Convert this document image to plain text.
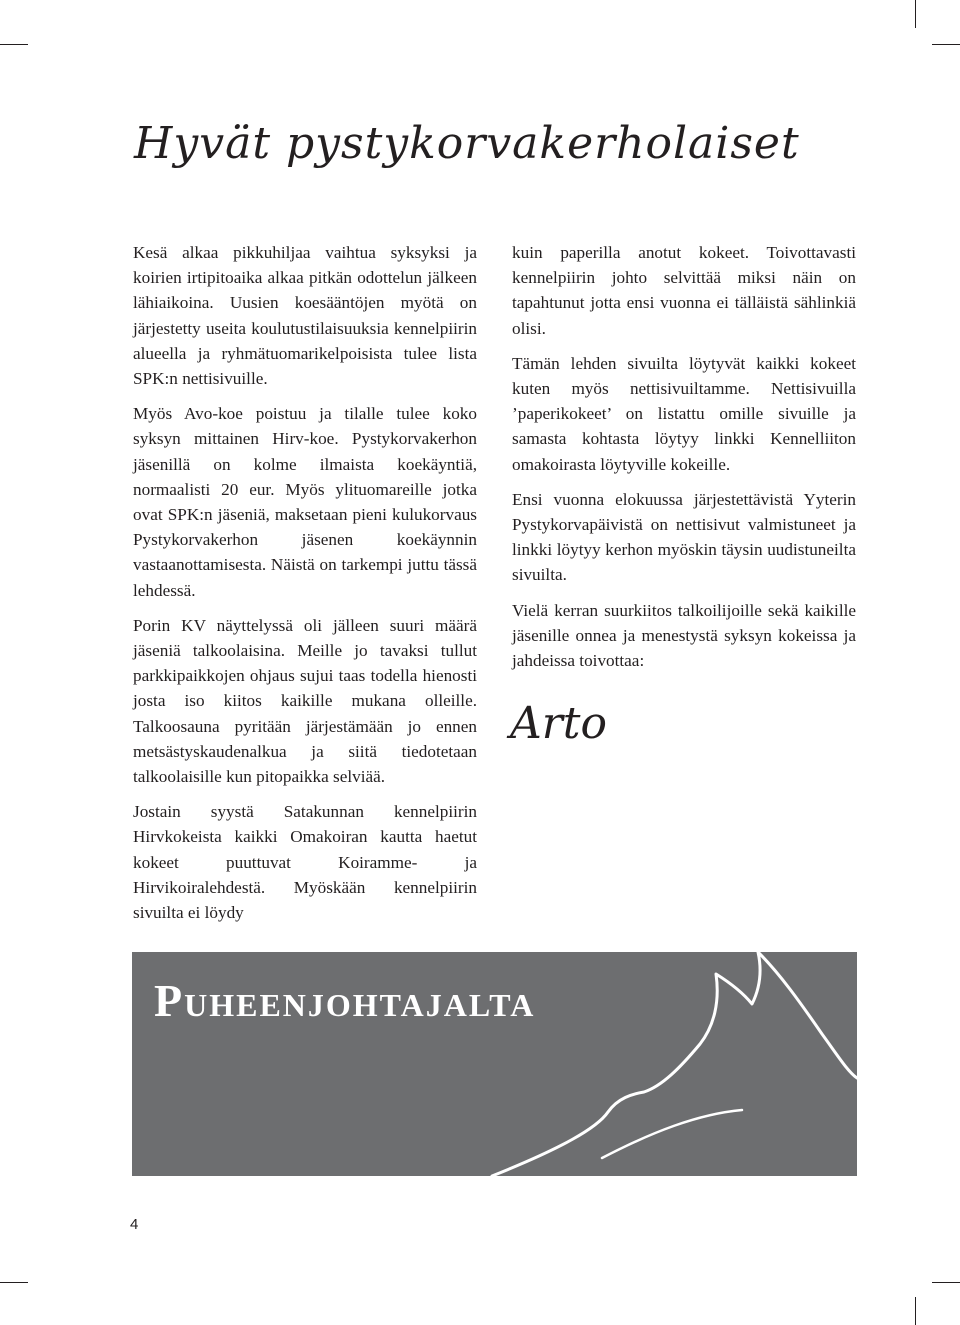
Hyvät pystykorvakerholaiset

Kesä alkaa pikkuhiljaa vaihtua syksyksi ja koirien irtipitoaika alkaa pitkän odottelun jälkeen lähiaikoina. Uusien koesääntöjen myötä on järjestetty useita koulutustilaisuuksia kennelpiirin alueella ja ryhmätuomarikelpoisista tulee lista SPK:n nettisivuille.

Myös Avo-koe poistuu ja tilalle tulee koko syksyn mittainen Hirv-koe. Pystykorvakerhon jäsenillä on kolme ilmaista koekäyntiä, normaalisti 20 eur. Myös ylituomareille jotka ovat SPK:n jäseniä, maksetaan pieni kulukorvaus Pystykorvakerhon jäsenen koekäynnin vastaanottamisesta. Näistä on tarkempi juttu tässä lehdessä.

Porin KV näyttelyssä oli jälleen suuri määrä jäseniä talkoolaisina. Meille jo tavaksi tullut parkkipaikkojen ohjaus sujui taas todella hienosti josta iso kiitos kaikille mukana olleille. Talkoosauna pyritään järjestämään jo ennen metsästyskaudenalkua ja siitä tiedotetaan talkoolaisille kun pitopaikka selviää.

Jostain syystä Satakunnan kennelpiirin Hirvkokeista kaikki Omakoiran kautta haetut kokeet puuttuvat Koiramme- ja Hirvikoiralehdestä. Myöskään kennelpiirin sivuilta ei löydy

kuin paperilla anotut kokeet. Toivottavasti kennelpiirin johto selvittää miksi näin on tapahtunut jotta ensi vuonna ei tälläistä sählinkiä olisi.

Tämän lehden sivuilta löytyvät kaikki kokeet kuten myös nettisivuiltamme. Nettisivuilla ’paperikokeet’ on listattu omille sivuille ja samasta kohtasta löytyy linkki Kennelliiton omakoirasta löytyville kokeille.

Ensi vuonna elokuussa järjestettävistä Yyterin Pystykorvapäivistä on nettisivut valmistuneet ja linkki löytyy kerhon myöskin täysin uudistuneilta sivuilta.

Vielä kerran suurkiitos talkoilijoille sekä kaikille jäsenille onnea ja menestystä syksyn kokeissa ja jahdeissa toivottaa:

Arto
Puheenjohtajalta
4
